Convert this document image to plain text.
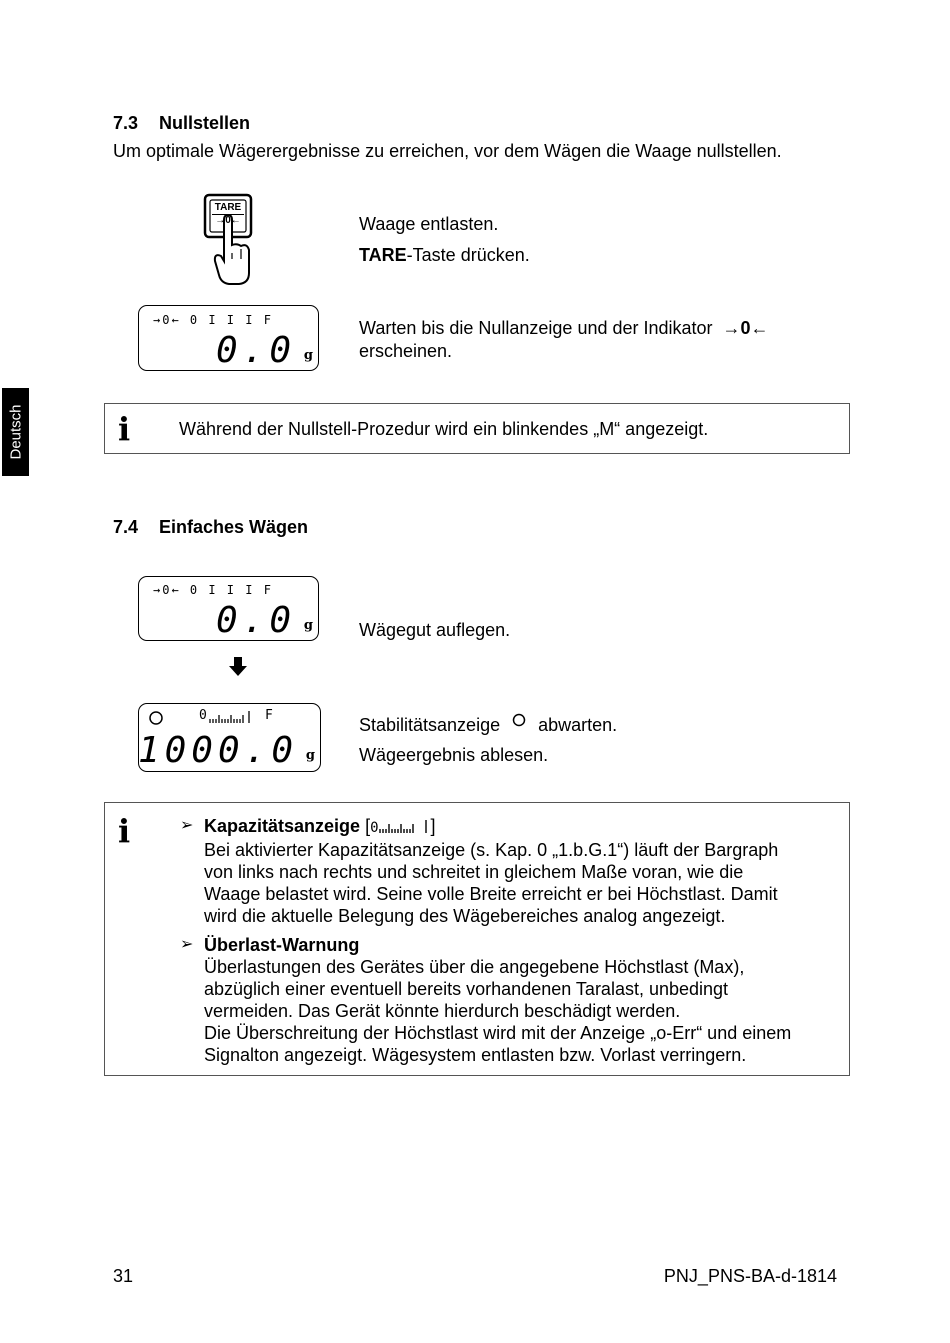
Deutsch
7.3 Nullstellen
Um optimale Wägerergebnisse zu erreichen, vor dem Wägen die Waage nullstellen.
TARE
→0←	Waage entlasten.
TARE-Taste drücken.
→0← 0 I I I F
0.0 g
Warten bis die Nullanzeige und der Indikator →0←
erscheinen.
i	Während der Nullstell-Prozedur wird ein blinkendes „M“ angezeigt.
7.4 Einfaches Wägen
→0← 0 I I I F
0.0 g	Wägegut auflegen.
0	F
1000.0 g
Stabilitätsanzeige abwarten.
Wägeergebnis ablesen.
i	➢ Kapazitätsanzeige [0	]
Bei aktivierter Kapazitätsanzeige (s. Kap. 0 „1.b.G.1“) läuft der Bargraph
von links nach rechts und schreitet in gleichem Maße voran, wie die
Waage belastet wird. Seine volle Breite erreicht er bei Höchstlast. Damit
wird die aktuelle Belegung des Wägebereiches analog angezeigt.
➢ Überlast-Warnung
Überlastungen des Gerätes über die angegebene Höchstlast (Max),
abzüglich einer eventuell bereits vorhandenen Taralast, unbedingt
vermeiden. Das Gerät könnte hierdurch beschädigt werden.
Die Überschreitung der Höchstlast wird mit der Anzeige „o-Err“ und einem
Signalton angezeigt. Wägesystem entlasten bzw. Vorlast verringern.
31	PNJ_PNS-BA-d-1814
